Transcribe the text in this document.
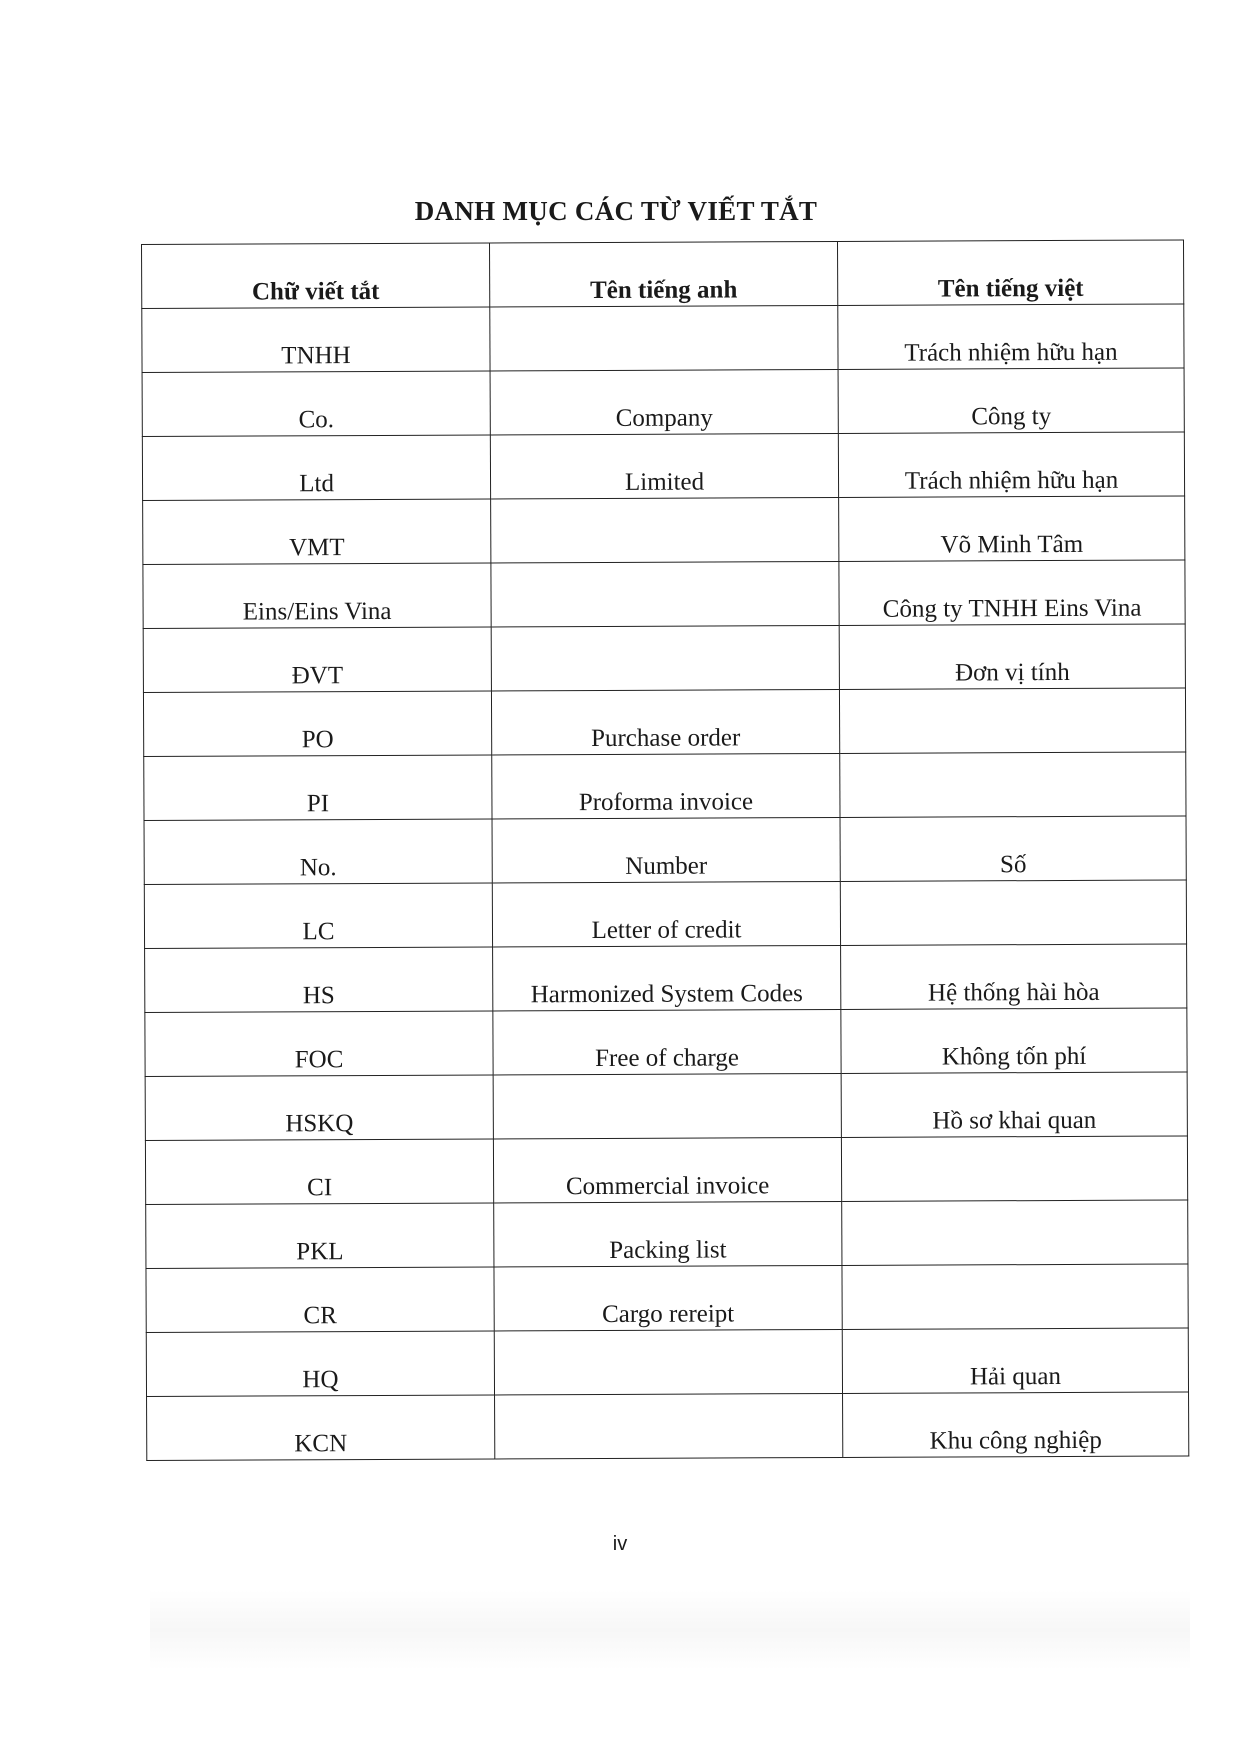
DANH MỤC CÁC TỪ VIẾT TẮT
Chữ viết tắt	Tên tiếng anh	Tên tiếng việt
TNHH		Trách nhiệm hữu hạn
Co.	Company	Công ty
Ltd	Limited	Trách nhiệm hữu hạn
VMT		Võ Minh Tâm
Eins/Eins Vina		Công ty TNHH Eins Vina
ĐVT		Đơn vị tính
PO	Purchase order	
PI	Proforma invoice	
No.	Number	Số
LC	Letter of credit	
HS	Harmonized System Codes	Hệ thống hài hòa
FOC	Free of charge	Không tốn phí
HSKQ		Hồ sơ khai quan
CI	Commercial invoice	
PKL	Packing list	
CR	Cargo rereipt	
HQ		Hải quan
KCN		Khu công nghiệp
iv
